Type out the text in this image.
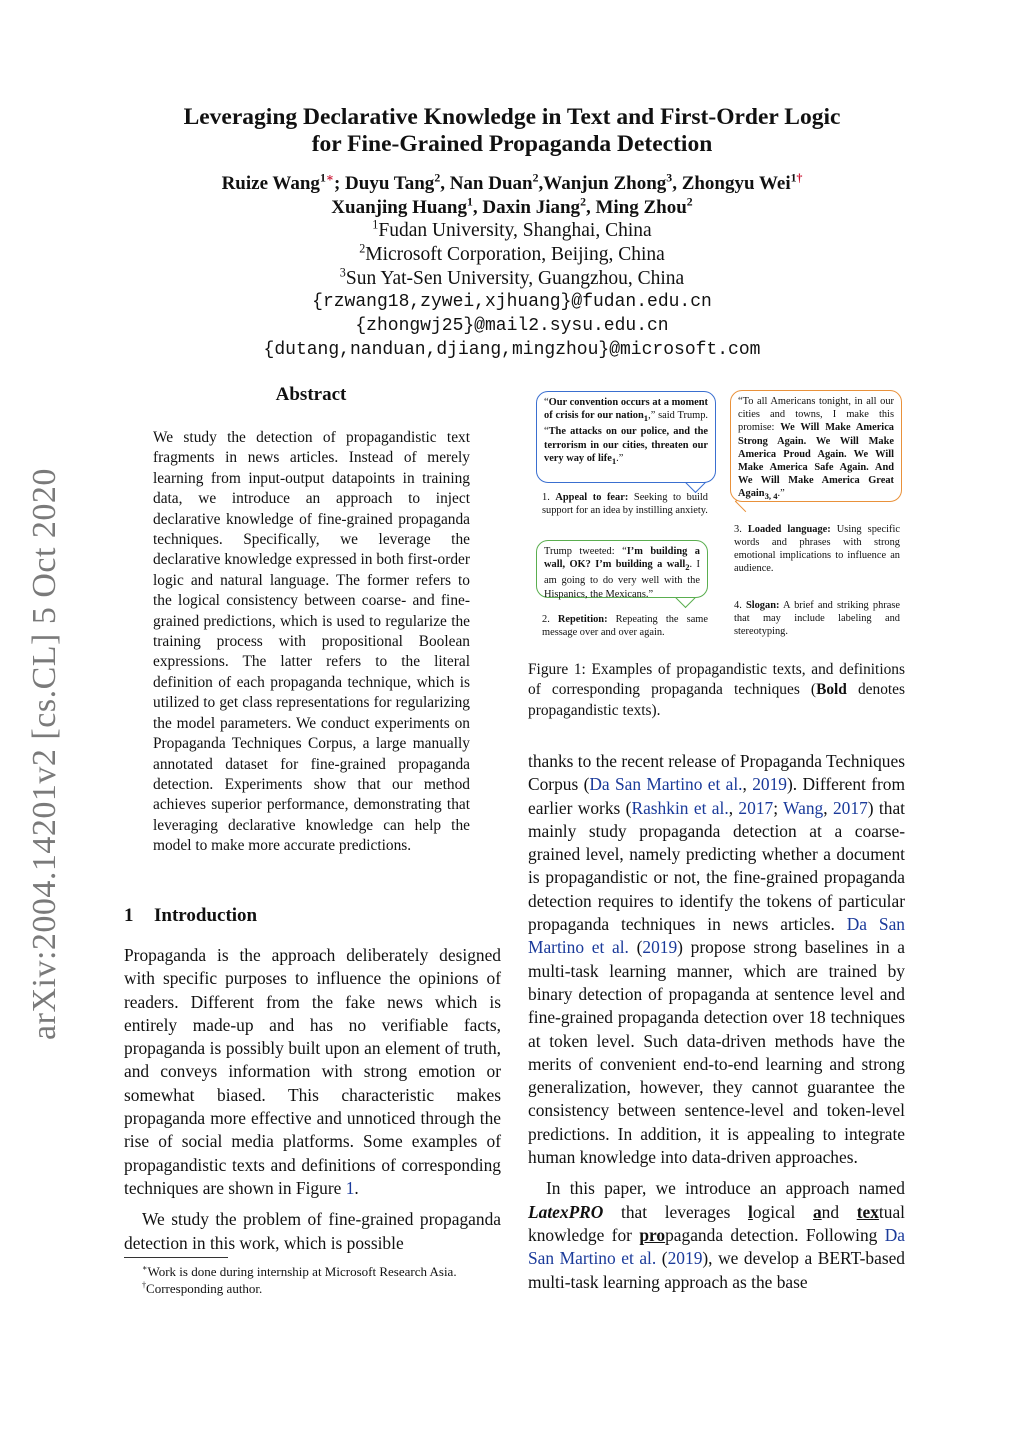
arXiv:2004.14201v2 [cs.CL] 5 Oct 2020
Leveraging Declarative Knowledge in Text and First-Order Logic
for Fine-Grained Propaganda Detection
Ruize Wang$^{1∗}$; Duyu Tang$^2$, Nan Duan$^2$,Wanjun Zhong$^3$, Zhongyu Wei$^{1\dagger}$
Xuanjing Huang$^1$, Daxin Jiang$^2$, Ming Zhou$^2$
$^1$Fudan University, Shanghai, China
$^2$Microsoft Corporation, Beijing, China
$^3$Sun Yat-Sen University, Guangzhou, China
{rzwang18,zywei,xjhuang}@fudan.edu.cn
{zhongwj25}@mail2.sysu.edu.cn
{dutang,nanduan,djiang,mingzhou}@microsoft.com
Abstract
We study the detection of propagandistic text fragments in news articles. Instead of merely learning from input-output datapoints in training data, we introduce an approach to inject declarative knowledge of fine-grained propaganda techniques. Specifically, we leverage the declarative knowledge expressed in both first-order logic and natural language. The former refers to the logical consistency between coarse- and fine-grained predictions, which is used to regularize the training process with propositional Boolean expressions. The latter refers to the literal definition of each propaganda technique, which is utilized to get class representations for regularizing the model parameters. We conduct experiments on Propaganda Techniques Corpus, a large manually annotated dataset for fine-grained propaganda detection. Experiments show that our method achieves superior performance, demonstrating that leveraging declarative knowledge can help the model to make more accurate predictions.
1 Introduction

Propaganda is the approach deliberately designed with specific purposes to influence the opinions of readers. Different from the fake news which is entirely made-up and has no verifiable facts, propaganda is possibly built upon an element of truth, and conveys information with strong emotion or somewhat biased. This characteristic makes propaganda more effective and unnoticed through the rise of social media platforms. Some examples of propagandistic texts and definitions of corresponding techniques are shown in Figure 1.

We study the problem of fine-grained propaganda detection in this work, which is possible

∗Work is done during internship at Microsoft Research Asia.
†Corresponding author.
“Our convention occurs at a moment of crisis for our nation$_1$,” said Trump. “The attacks on our police, and the terrorism in our cities, threaten our very way of life$_1$.”
1. Appeal to fear: Seeking to build support for an idea by instilling anxiety.
Trump tweeted: “I’m building a wall, OK? I’m building a wall$_2$. I am going to do very well with the Hispanics, the Mexicans.”
2. Repetition: Repeating the same message over and over again.
“To all Americans tonight, in all our cities and towns, I make this promise: We Will Make America Strong Again. We Will Make America Proud Again. We Will Make America Safe Again. And We Will Make America Great Again$_{3, 4}$.”
3. Loaded language: Using specific words and phrases with strong emotional implications to influence an audience.
4. Slogan: A brief and striking phrase that may include labeling and stereotyping.
Figure 1: Examples of propagandistic texts, and definitions of corresponding propaganda techniques (Bold denotes propagandistic texts).

thanks to the recent release of Propaganda Techniques Corpus (Da San Martino et al., 2019). Different from earlier works (Rashkin et al., 2017; Wang, 2017) that mainly study propaganda detection at a coarse-grained level, namely predicting whether a document is propagandistic or not, the fine-grained propaganda detection requires to identify the tokens of particular propaganda techniques in news articles. Da San Martino et al. (2019) propose strong baselines in a multi-task learning manner, which are trained by binary detection of propaganda at sentence level and fine-grained propaganda detection over 18 techniques at token level. Such data-driven methods have the merits of convenient end-to-end learning and strong generalization, however, they cannot guarantee the consistency between sentence-level and token-level predictions. In addition, it is appealing to integrate human knowledge into data-driven approaches.

In this paper, we introduce an approach named LatexPRO that leverages logical and textual knowledge for propaganda detection. Following Da San Martino et al. (2019), we develop a BERT-based multi-task learning approach as the base
